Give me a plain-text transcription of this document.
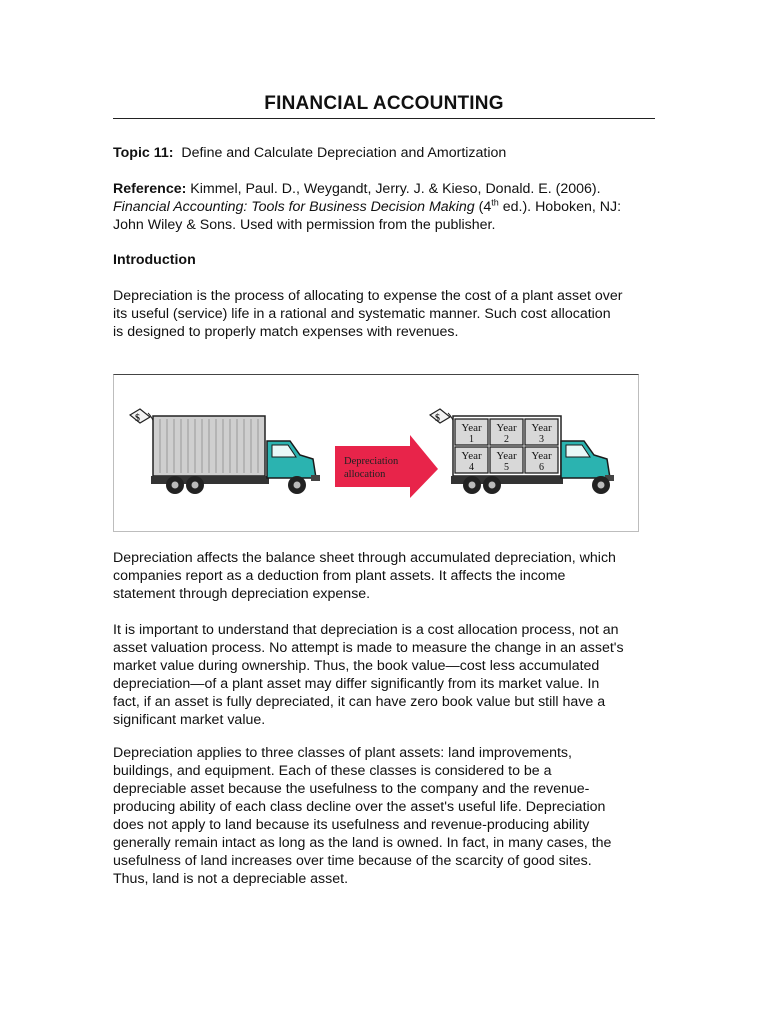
FINANCIAL ACCOUNTING
Topic 11: Define and Calculate Depreciation and Amortization
Reference: Kimmel, Paul. D., Weygandt, Jerry. J. & Kieso, Donald. E. (2006).
Financial Accounting: Tools for Business Decision Making (4th ed.). Hoboken, NJ:
John Wiley & Sons. Used with permission from the publisher.
Introduction
Depreciation is the process of allocating to expense the cost of a plant asset over
its useful (service) life in a rational and systematic manner. Such cost allocation
is designed to properly match expenses with revenues.
$
Depreciation
allocation
$
Year
1
Year
2
Year
3
Year
4
Year
5
Year
6
Depreciation affects the balance sheet through accumulated depreciation, which
companies report as a deduction from plant assets. It affects the income
statement through depreciation expense.
It is important to understand that depreciation is a cost allocation process, not an
asset valuation process. No attempt is made to measure the change in an asset's
market value during ownership. Thus, the book value—cost less accumulated
depreciation—of a plant asset may differ significantly from its market value. In
fact, if an asset is fully depreciated, it can have zero book value but still have a
significant market value.
Depreciation applies to three classes of plant assets: land improvements,
buildings, and equipment. Each of these classes is considered to be a
depreciable asset because the usefulness to the company and the revenue-
producing ability of each class decline over the asset's useful life. Depreciation
does not apply to land because its usefulness and revenue-producing ability
generally remain intact as long as the land is owned. In fact, in many cases, the
usefulness of land increases over time because of the scarcity of good sites.
Thus, land is not a depreciable asset.
